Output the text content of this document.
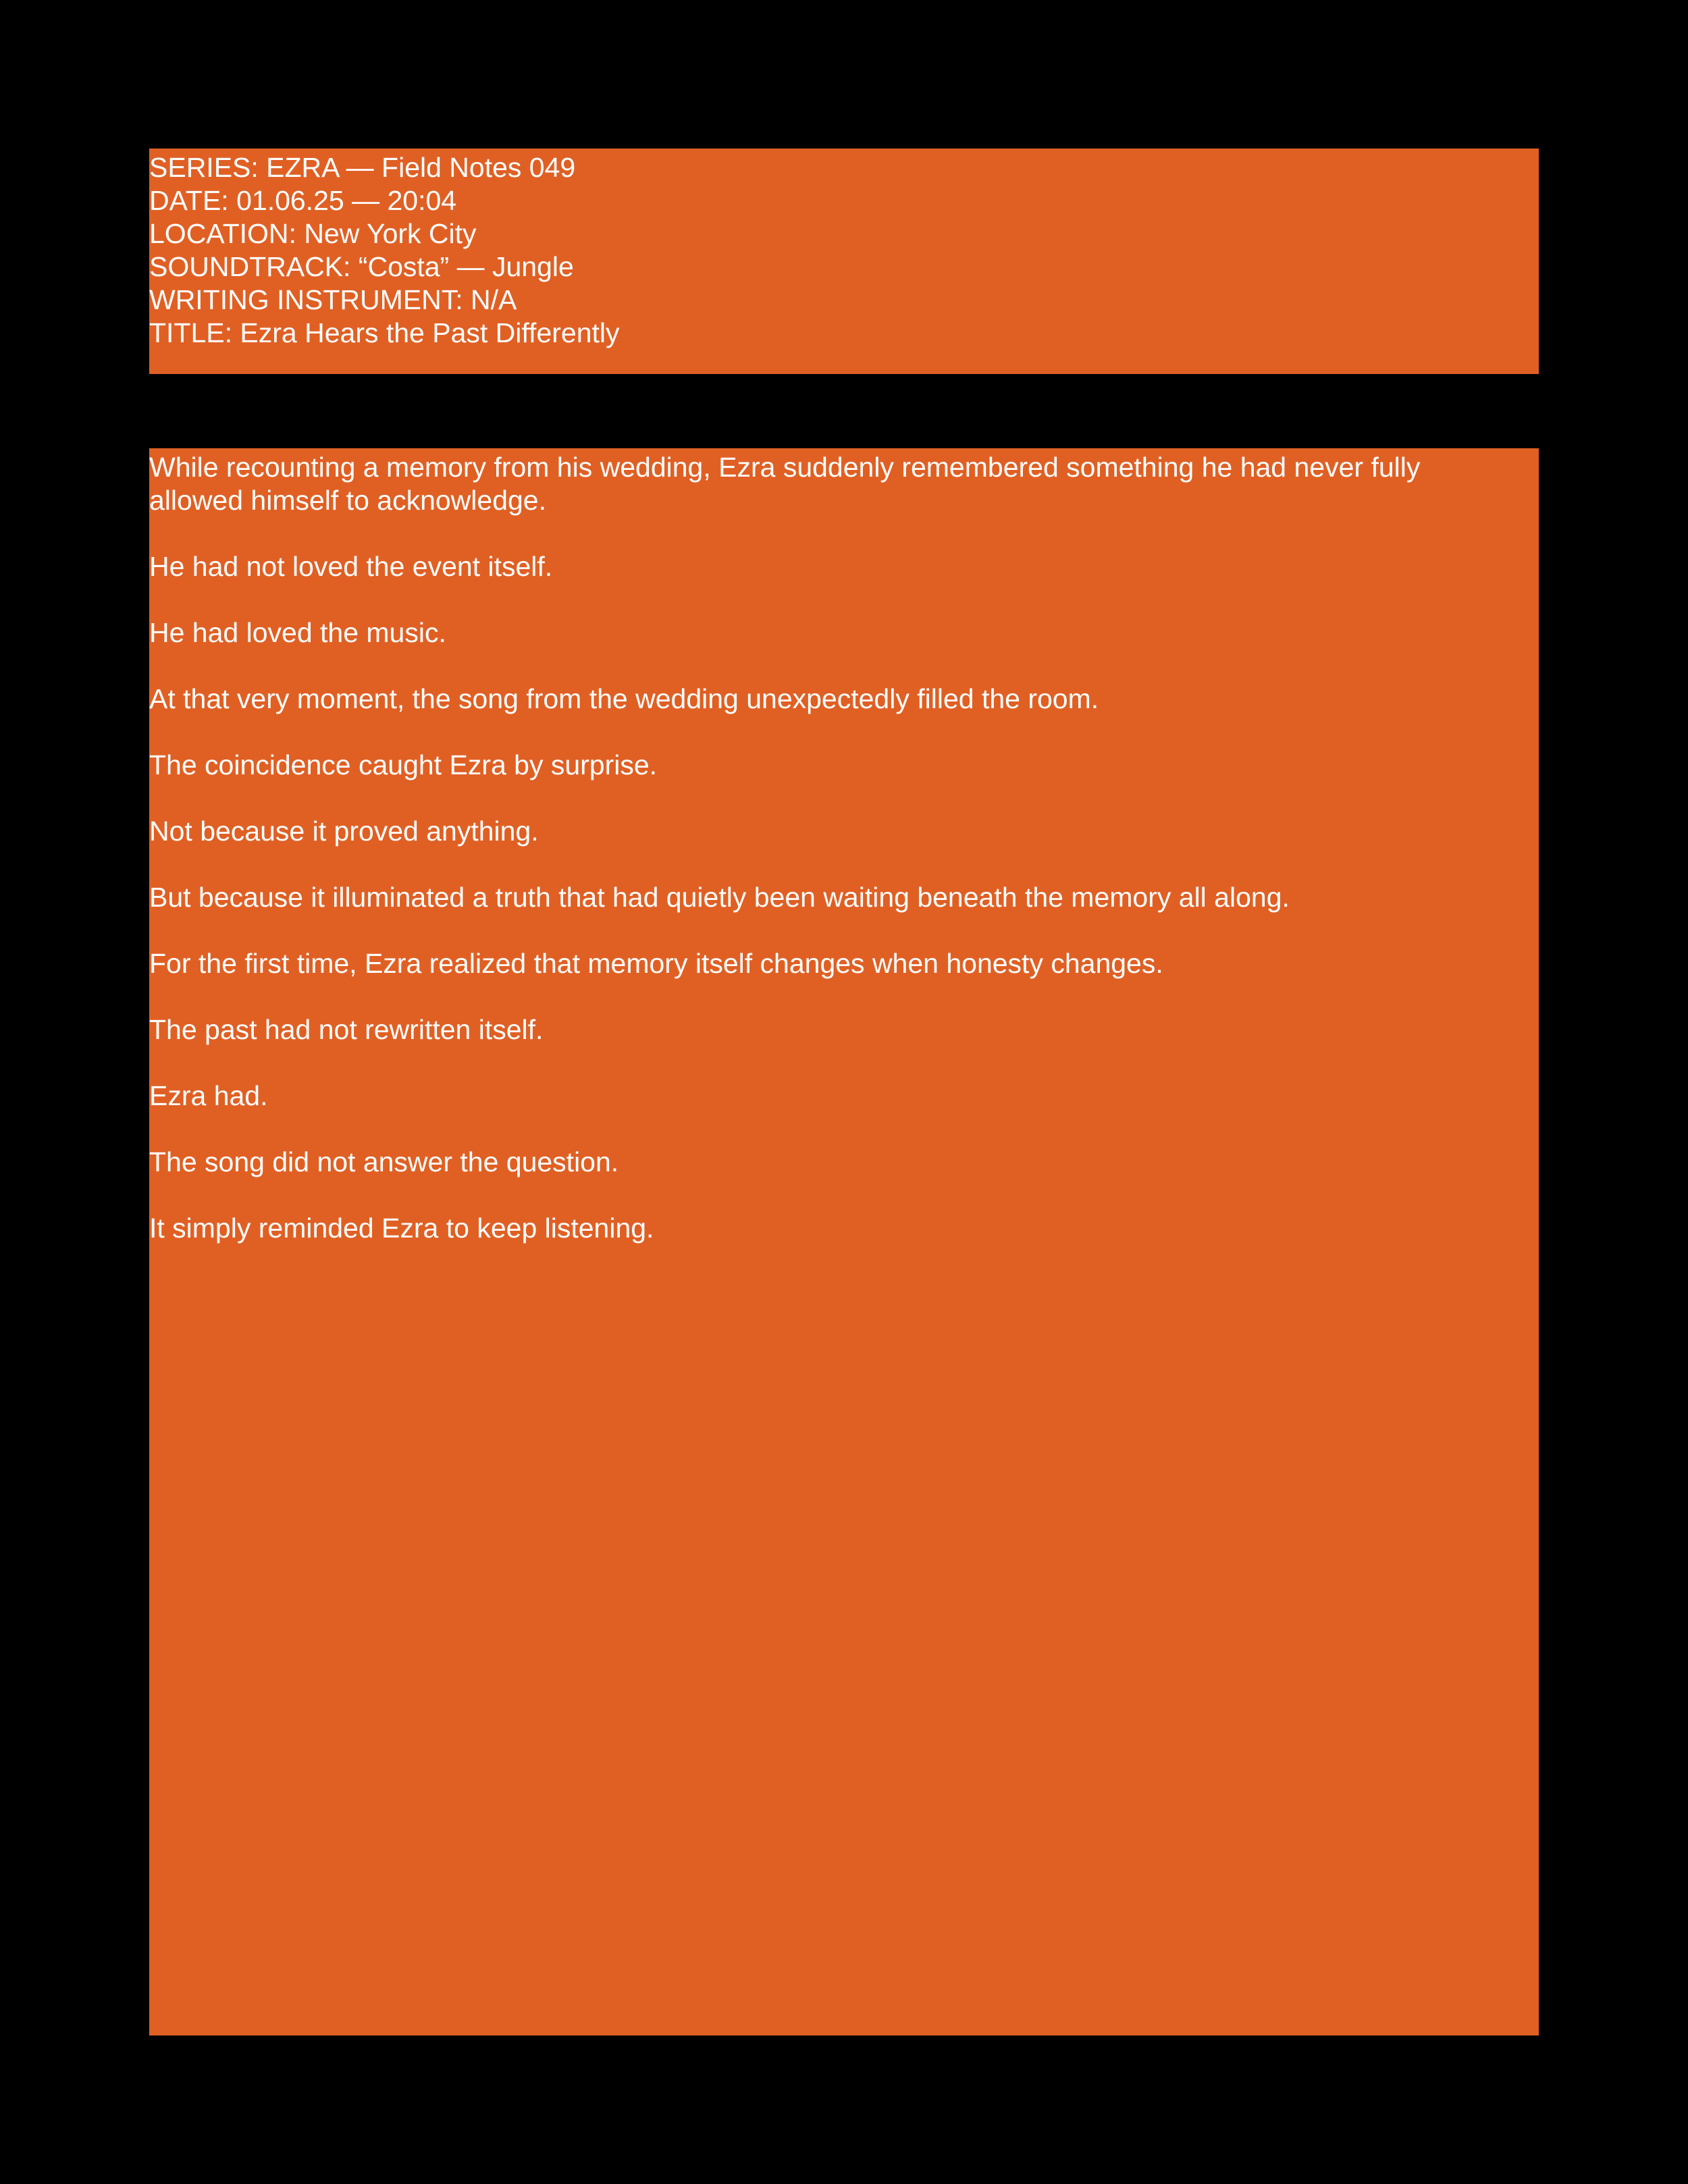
SERIES: EZRA — Field Notes 049

DATE: 01.06.25 — 20:04

LOCATION: New York City

SOUNDTRACK: “Costa” — Jungle

WRITING INSTRUMENT: N/A

TITLE: Ezra Hears the Past Differently

While recounting a memory from his wedding, Ezra suddenly remembered something he had never fully allowed himself to acknowledge.

He had not loved the event itself.

He had loved the music.

At that very moment, the song from the wedding unexpectedly filled the room.

The coincidence caught Ezra by surprise.

Not because it proved anything.

But because it illuminated a truth that had quietly been waiting beneath the memory all along.

For the first time, Ezra realized that memory itself changes when honesty changes.

The past had not rewritten itself.

Ezra had.

The song did not answer the question.

It simply reminded Ezra to keep listening.
